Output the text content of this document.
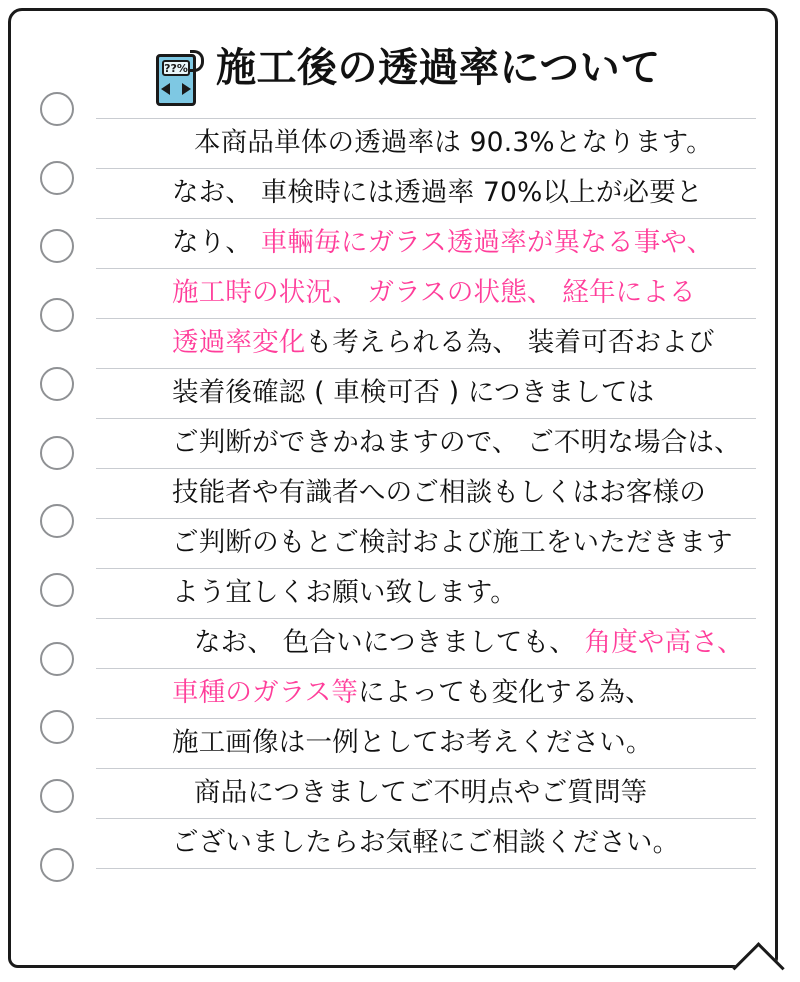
??% 施工後の透過率について
本商品単体の透過率は 90.3%となります。
なお、 車検時には透過率 70%以上が必要と
なり、 車輛毎にガラス透過率が異なる事や、
施工時の状況、 ガラスの状態、 経年による
透過率変化も考えられる為、 装着可否および
装着後確認 ( 車検可否 ) につきましては
ご判断ができかねますので、 ご不明な場合は、
技能者や有識者へのご相談もしくはお客様の
ご判断のもとご検討および施工をいただきます
よう宜しくお願い致します。
なお、 色合いにつきましても、 角度や高さ、
車種のガラス等によっても変化する為、
施工画像は一例としてお考えください。
商品につきましてご不明点やご質問等
ございましたらお気軽にご相談ください。
